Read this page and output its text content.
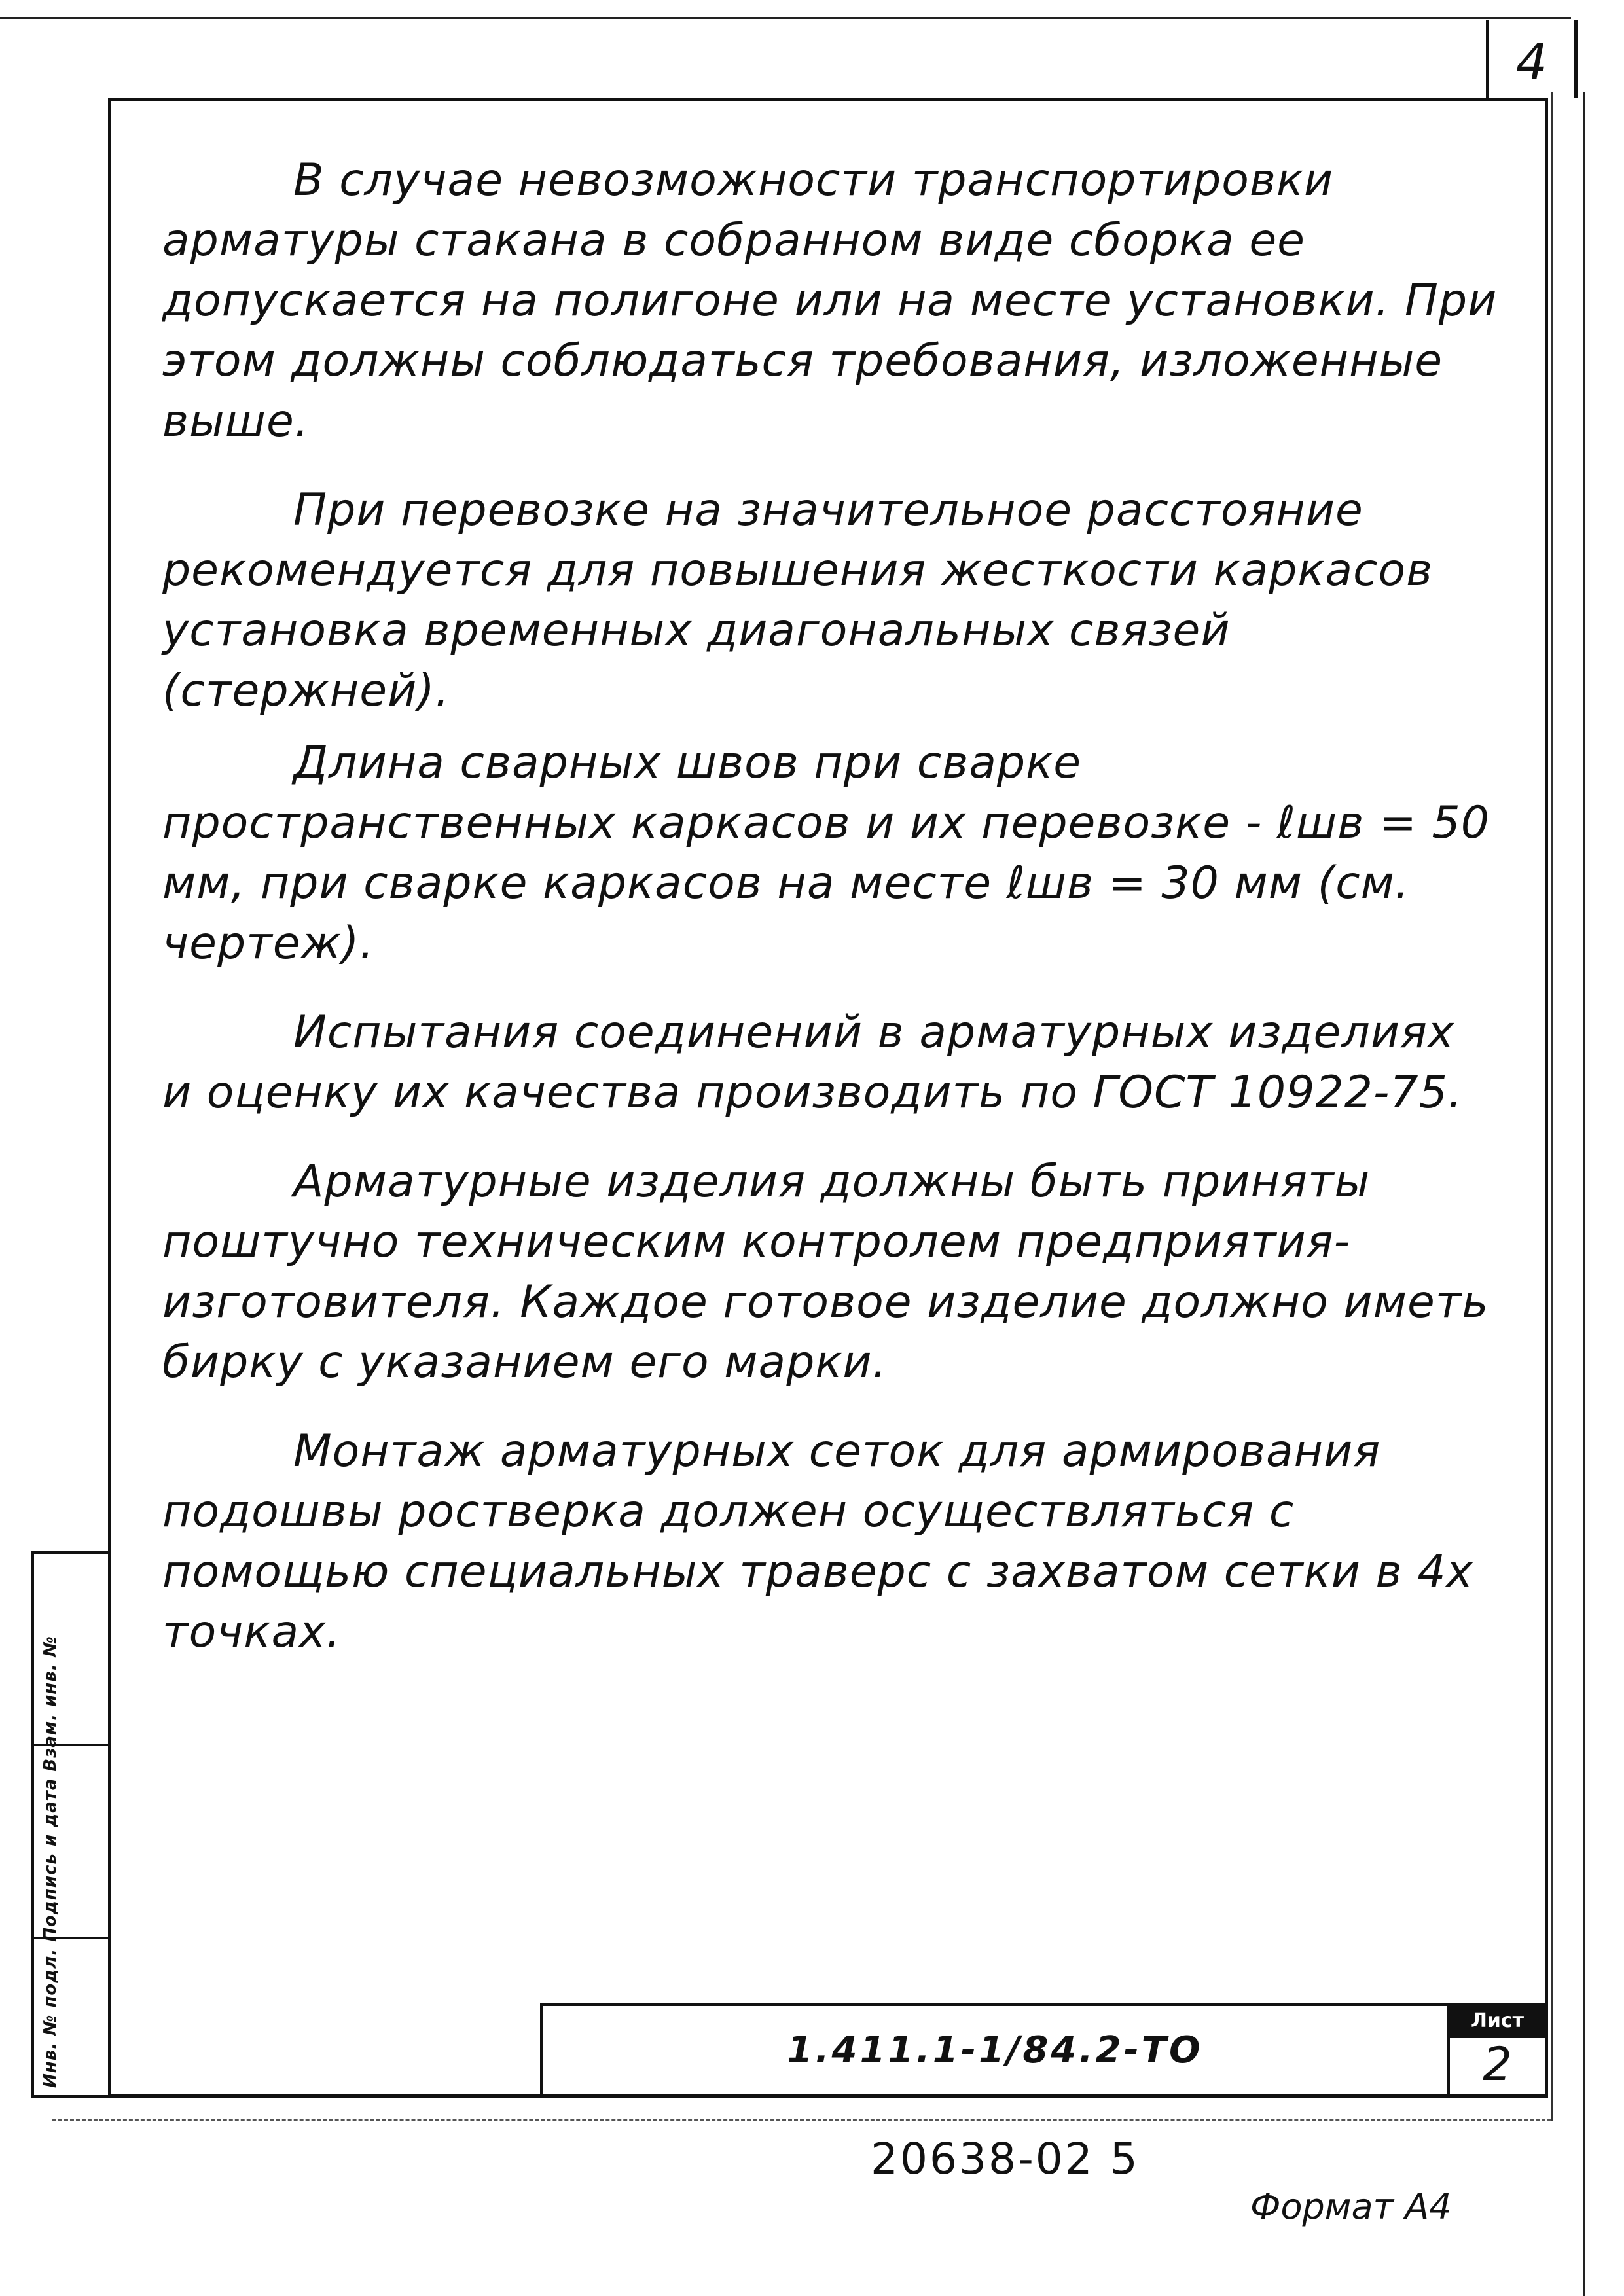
4

В случае невозможности транспортировки арматуры стакана в собранном виде сборка ее допускается на полигоне или на месте установки. При этом должны соблюдаться требования, изложенные выше.

При перевозке на значительное расстояние рекомендуется для повышения жесткости каркасов установка временных диагональных связей (стержней).

Длина сварных швов при сварке пространственных каркасов и их перевозке - ℓшв = 50 мм, при сварке каркасов на месте ℓшв = 30 мм (см. чертеж).

Испытания соединений в арматурных изделиях и оценку их качества производить по ГОСТ 10922-75.

Арматурные изделия должны быть приняты поштучно техническим контролем предприятия-изготовителя. Каждое готовое изделие должно иметь бирку с указанием его марки.

Монтаж арматурных сеток для армирования подошвы ростверка должен осуществляться с помощью специальных траверс с захватом сетки в 4х точках.

Инв. № подл. Подпись и дата Взам. инв. №	1.411.1-1/84.2-ТО
Лист
2
20638-02 5
Формат А4
